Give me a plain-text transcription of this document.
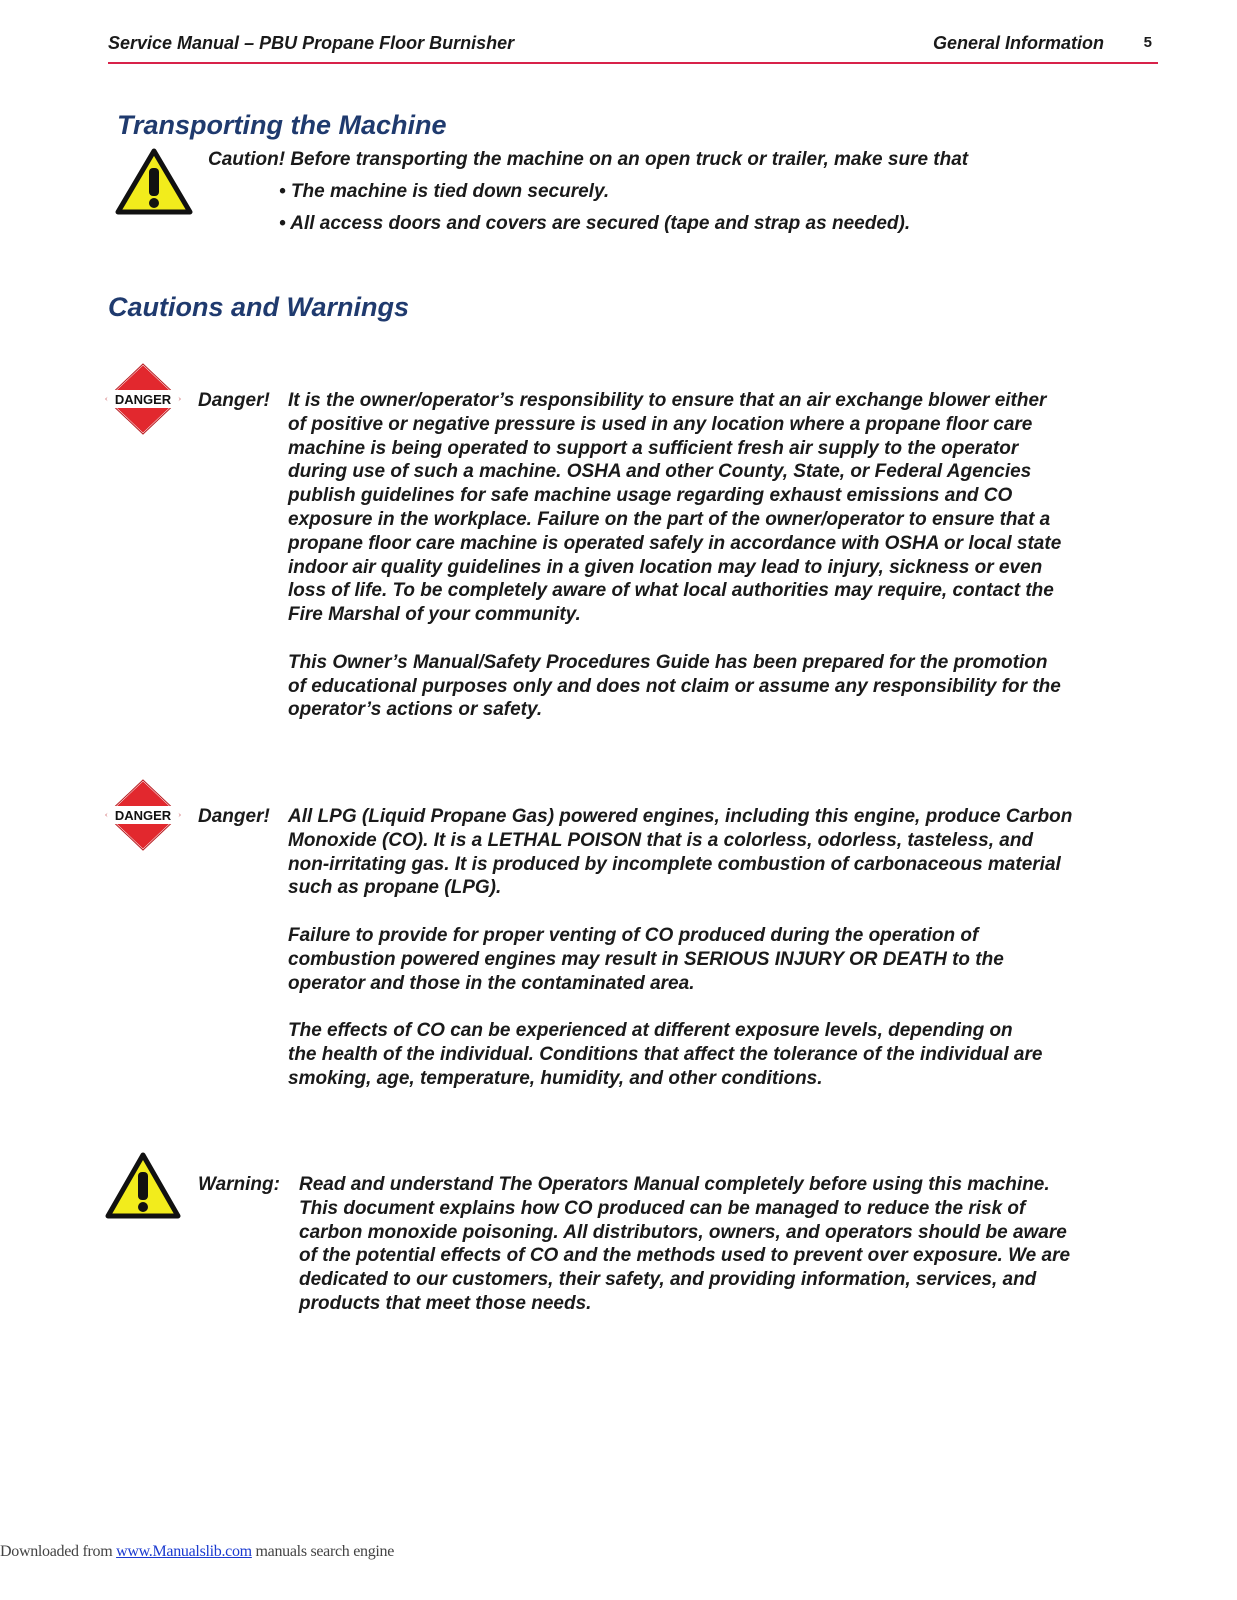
Service Manual – PBU Propane Floor Burnisher	General Information	5
Transporting the Machine
Caution! Before transporting the machine on an open truck or trailer, make sure that
• The machine is tied down securely.
• All access doors and covers are secured (tape and strap as needed).
Cautions and Warnings
DANGER Danger! It is the owner/operator’s responsibility to ensure that an air exchange blower either
of positive or negative pressure is used in any location where a propane floor care
machine is being operated to support a sufficient fresh air supply to the operator
during use of such a machine. OSHA and other County, State, or Federal Agencies
publish guidelines for safe machine usage regarding exhaust emissions and CO
exposure in the workplace. Failure on the part of the owner/operator to ensure that a
propane floor care machine is operated safely in accordance with OSHA or local state
indoor air quality guidelines in a given location may lead to injury, sickness or even
loss of life. To be completely aware of what local authorities may require, contact the
Fire Marshal of your community.

This Owner’s Manual/Safety Procedures Guide has been prepared for the promotion
of educational purposes only and does not claim or assume any responsibility for the
operator’s actions or safety.

DANGER Danger! All LPG (Liquid Propane Gas) powered engines, including this engine, produce Carbon
Monoxide (CO). It is a LETHAL POISON that is a colorless, odorless, tasteless, and
non-irritating gas. It is produced by incomplete combustion of carbonaceous material
such as propane (LPG).

Failure to provide for proper venting of CO produced during the operation of
combustion powered engines may result in SERIOUS INJURY OR DEATH to the
operator and those in the contaminated area.

The effects of CO can be experienced at different exposure levels, depending on
the health of the individual. Conditions that affect the tolerance of the individual are
smoking, age, temperature, humidity, and other conditions.

Warning: Read and understand The Operators Manual completely before using this machine.
This document explains how CO produced can be managed to reduce the risk of
carbon monoxide poisoning. All distributors, owners, and operators should be aware
of the potential effects of CO and the methods used to prevent over exposure. We are
dedicated to our customers, their safety, and providing information, services, and
products that meet those needs.

Downloaded from www.Manualslib.com manuals search engine
